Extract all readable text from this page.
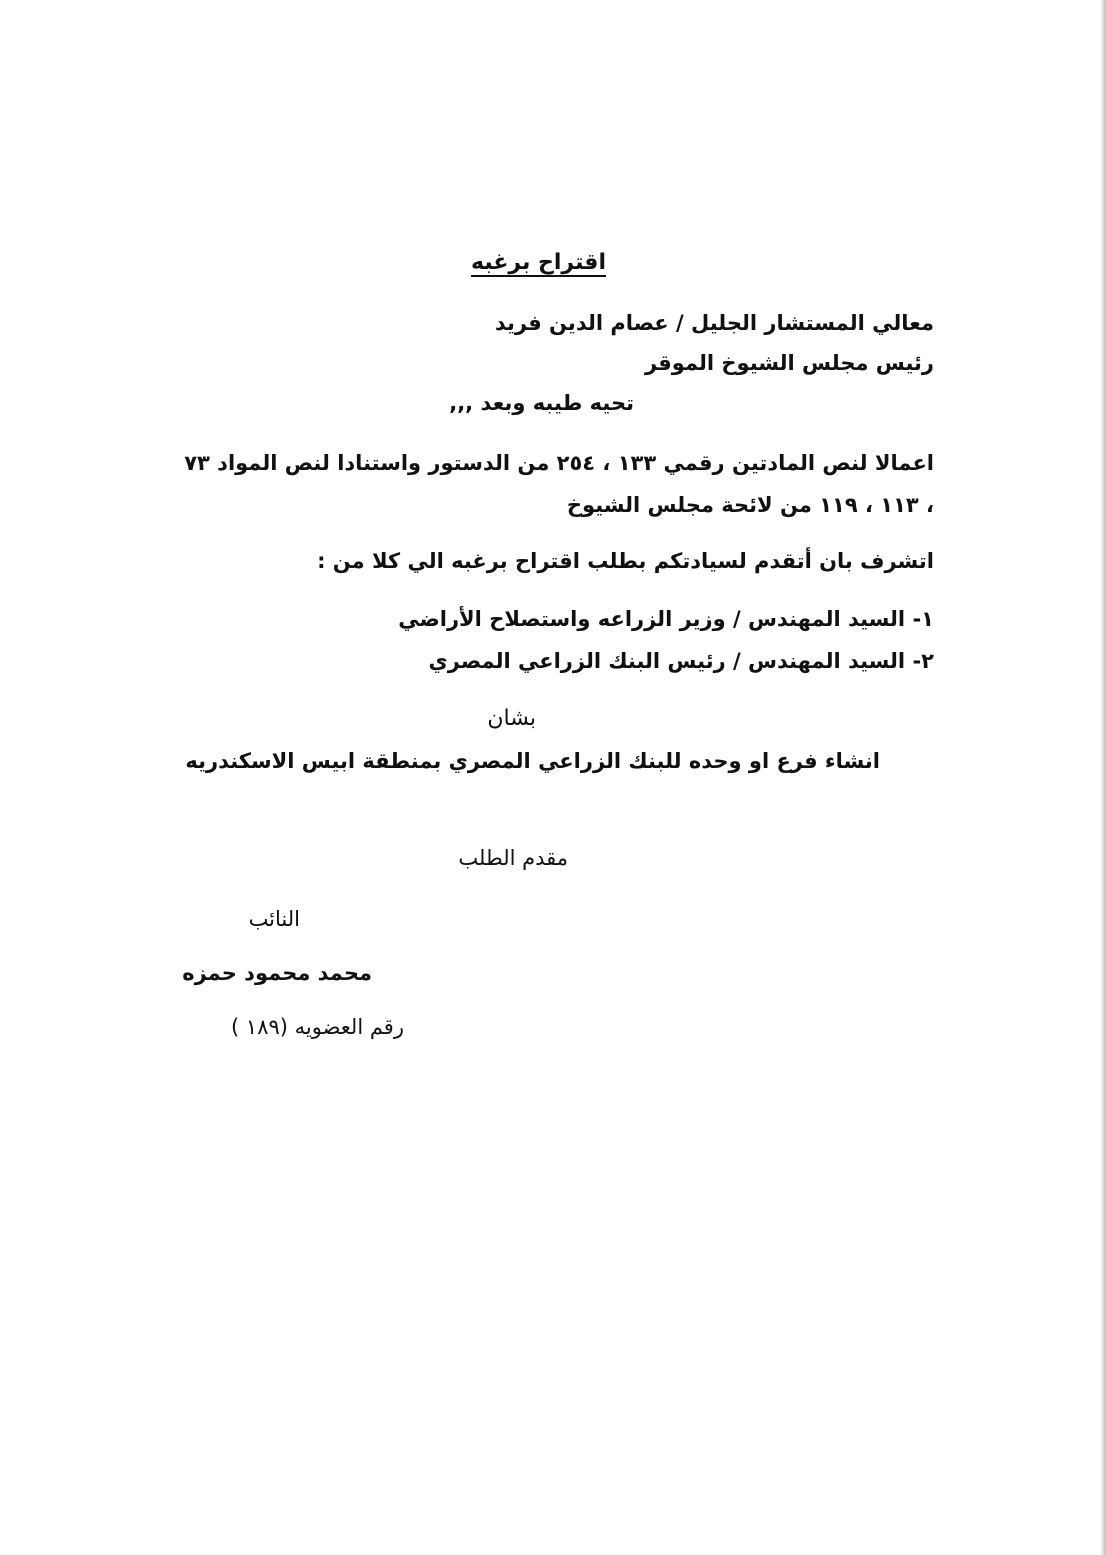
اقتراح برغبه
معالي المستشار الجليل / عصام الدين فريد
رئيس مجلس الشيوخ الموقر
تحيه طيبه وبعد ,,,
اعمالا لنص المادتين رقمي ١٣٣ ، ٢٥٤ من الدستور واستنادا لنص المواد ٧٣
، ١١٣ ، ١١٩ من لائحة مجلس الشيوخ
اتشرف بان أتقدم لسيادتكم بطلب اقتراح برغبه الي كلا من :
١- السيد المهندس / وزير الزراعه واستصلاح الأراضي
٢- السيد المهندس / رئيس البنك الزراعي المصري
بشان
انشاء فرع او وحده للبنك الزراعي المصري بمنطقة ابيس الاسكندريه
مقدم الطلب
النائب
محمد محمود حمزه
رقم العضويه (١٨٩ )
